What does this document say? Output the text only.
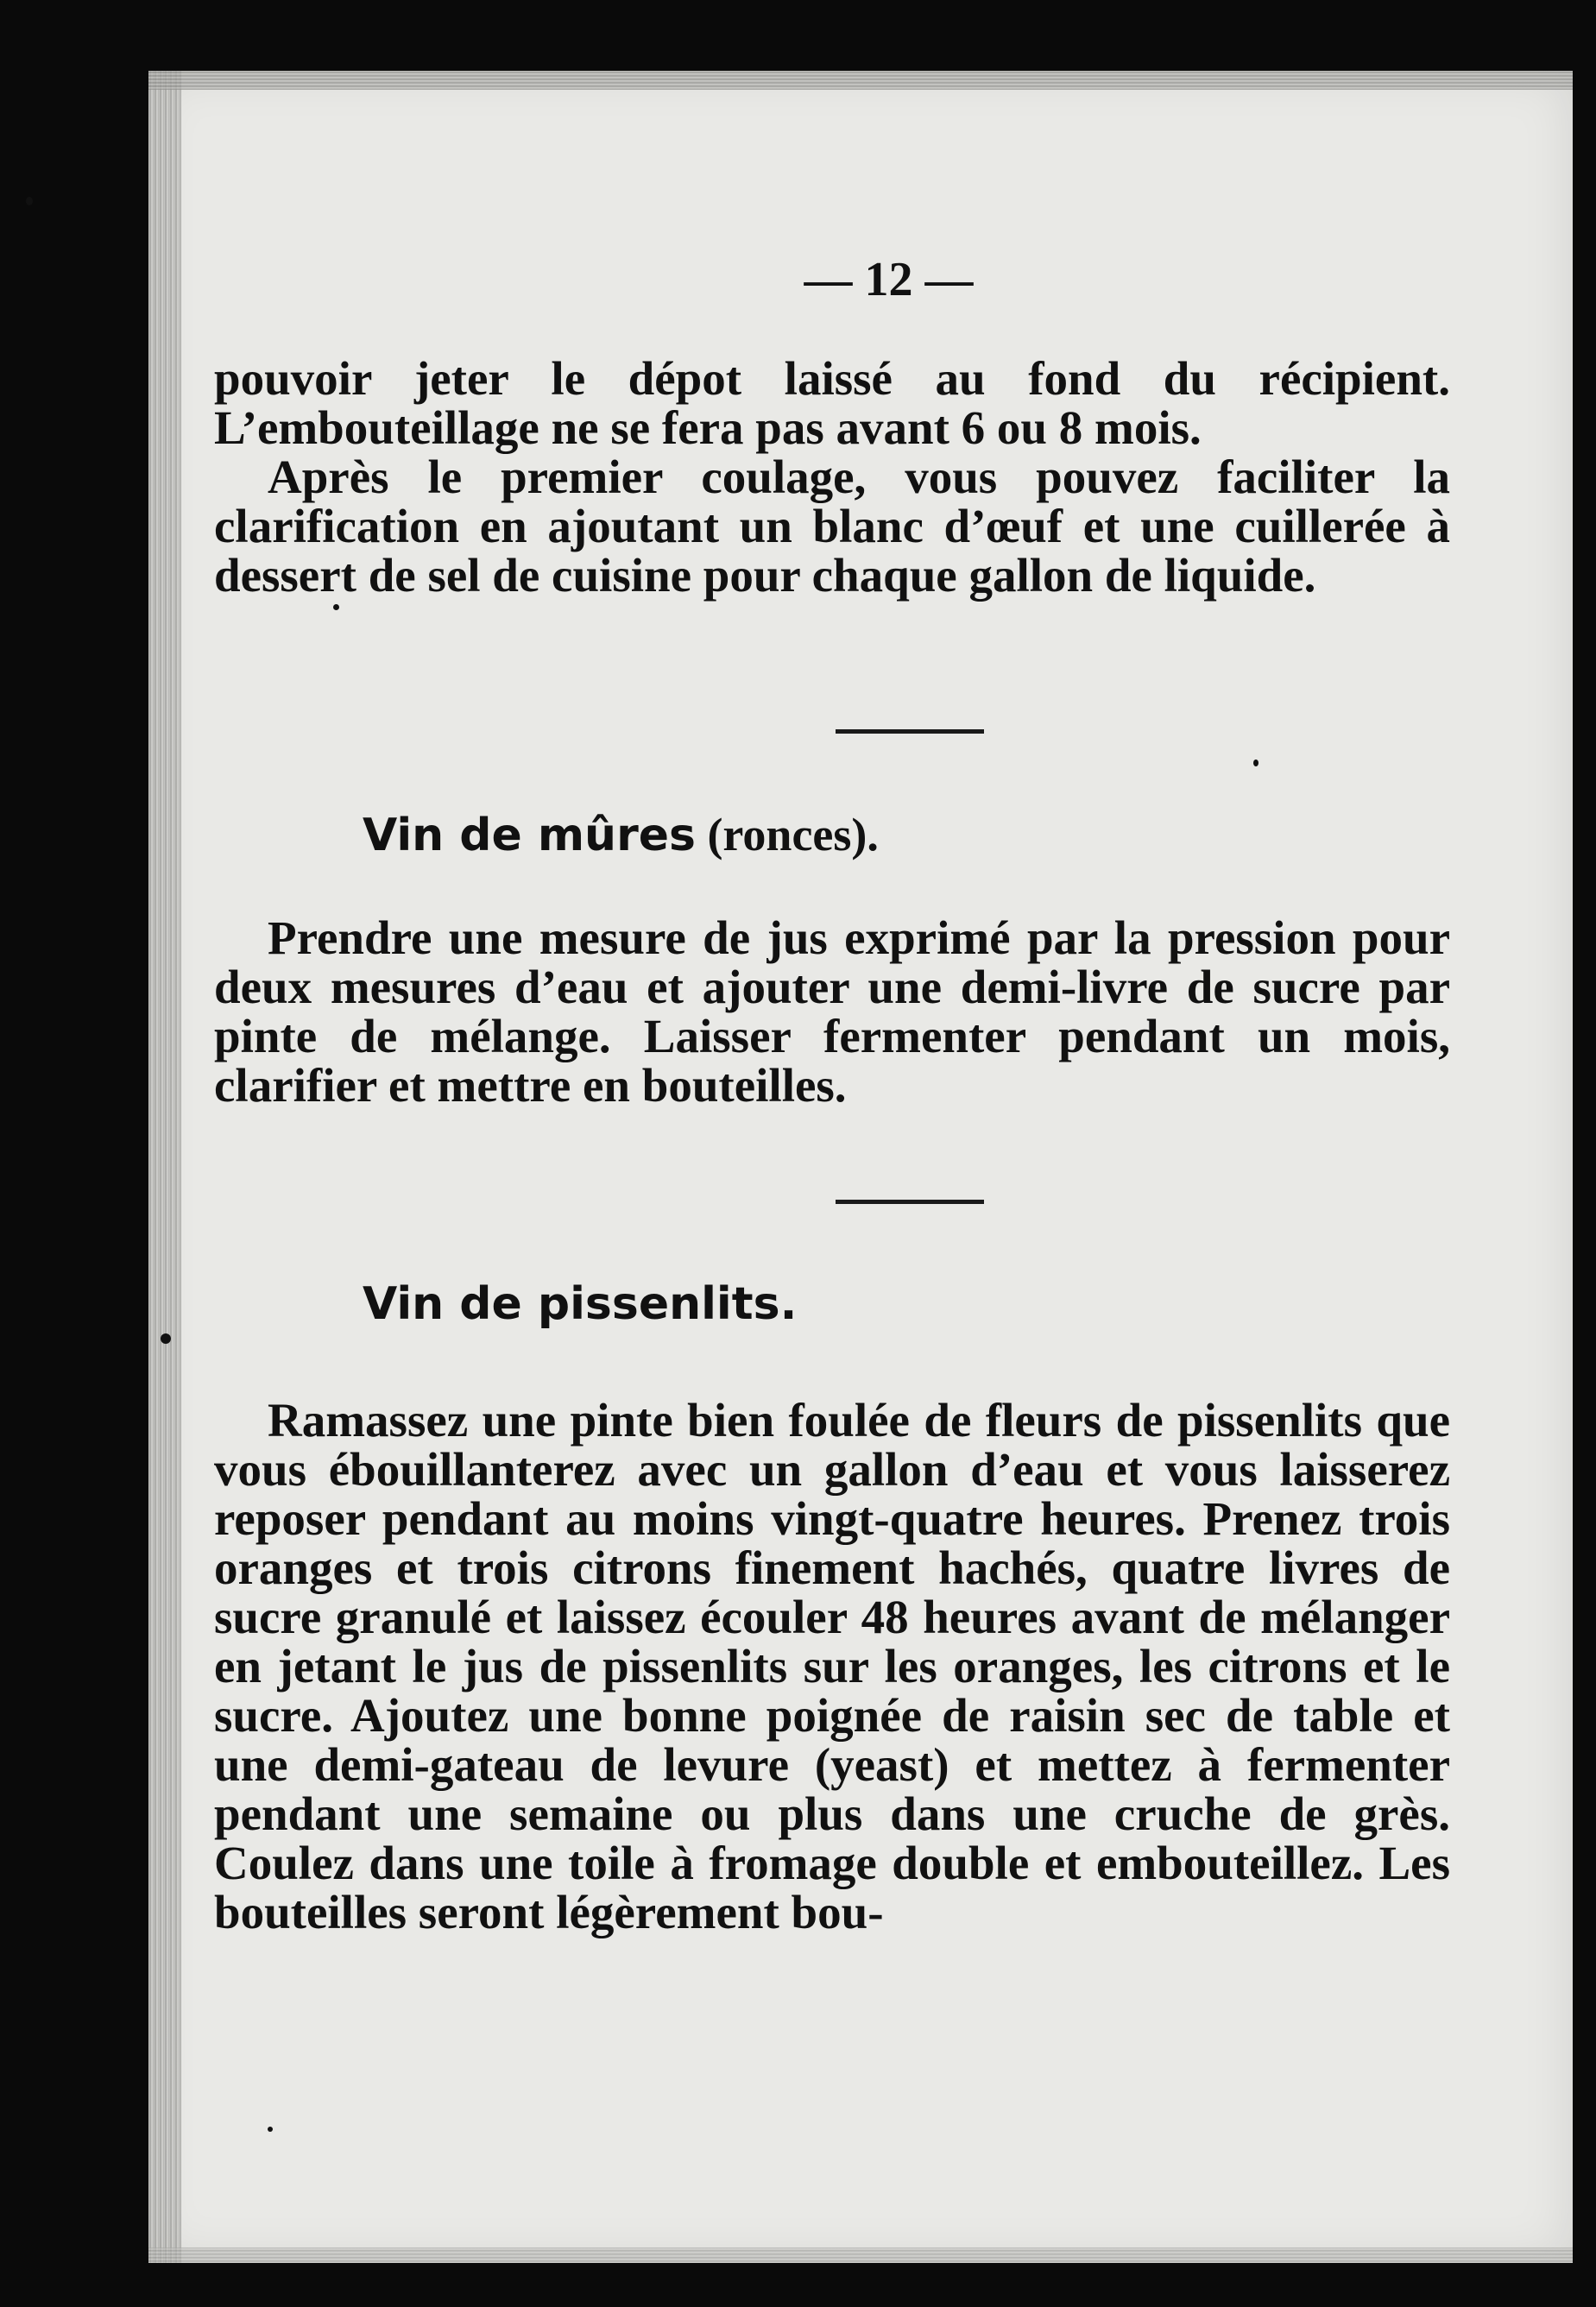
— 12 —

pouvoir jeter le dépot laissé au fond du récipient. L’embouteillage ne se fera pas avant 6 ou 8 mois.

Après le premier coulage, vous pouvez faciliter la clarification en ajoutant un blanc d’œuf et une cuillerée à dessert de sel de cuisine pour chaque gallon de liquide.

Vin de mûres (ronces).

Prendre une mesure de jus exprimé par la pression pour deux mesures d’eau et ajouter une demi-livre de sucre par pinte de mélange. Laisser fermenter pendant un mois, clarifier et mettre en bouteilles.

Vin de pissenlits.

Ramassez une pinte bien foulée de fleurs de pissenlits que vous ébouillanterez avec un gallon d’eau et vous laisserez reposer pendant au moins vingt-quatre heures. Prenez trois oranges et trois citrons finement hachés, quatre livres de sucre granulé et laissez écouler 48 heures avant de mélanger en jetant le jus de pissenlits sur les oranges, les citrons et le sucre. Ajoutez une bonne poignée de raisin sec de table et une demi-gateau de levure (yeast) et mettez à fermenter pendant une semaine ou plus dans une cruche de grès. Coulez dans une toile à fromage double et embouteillez. Les bouteilles seront légèrement bou-
